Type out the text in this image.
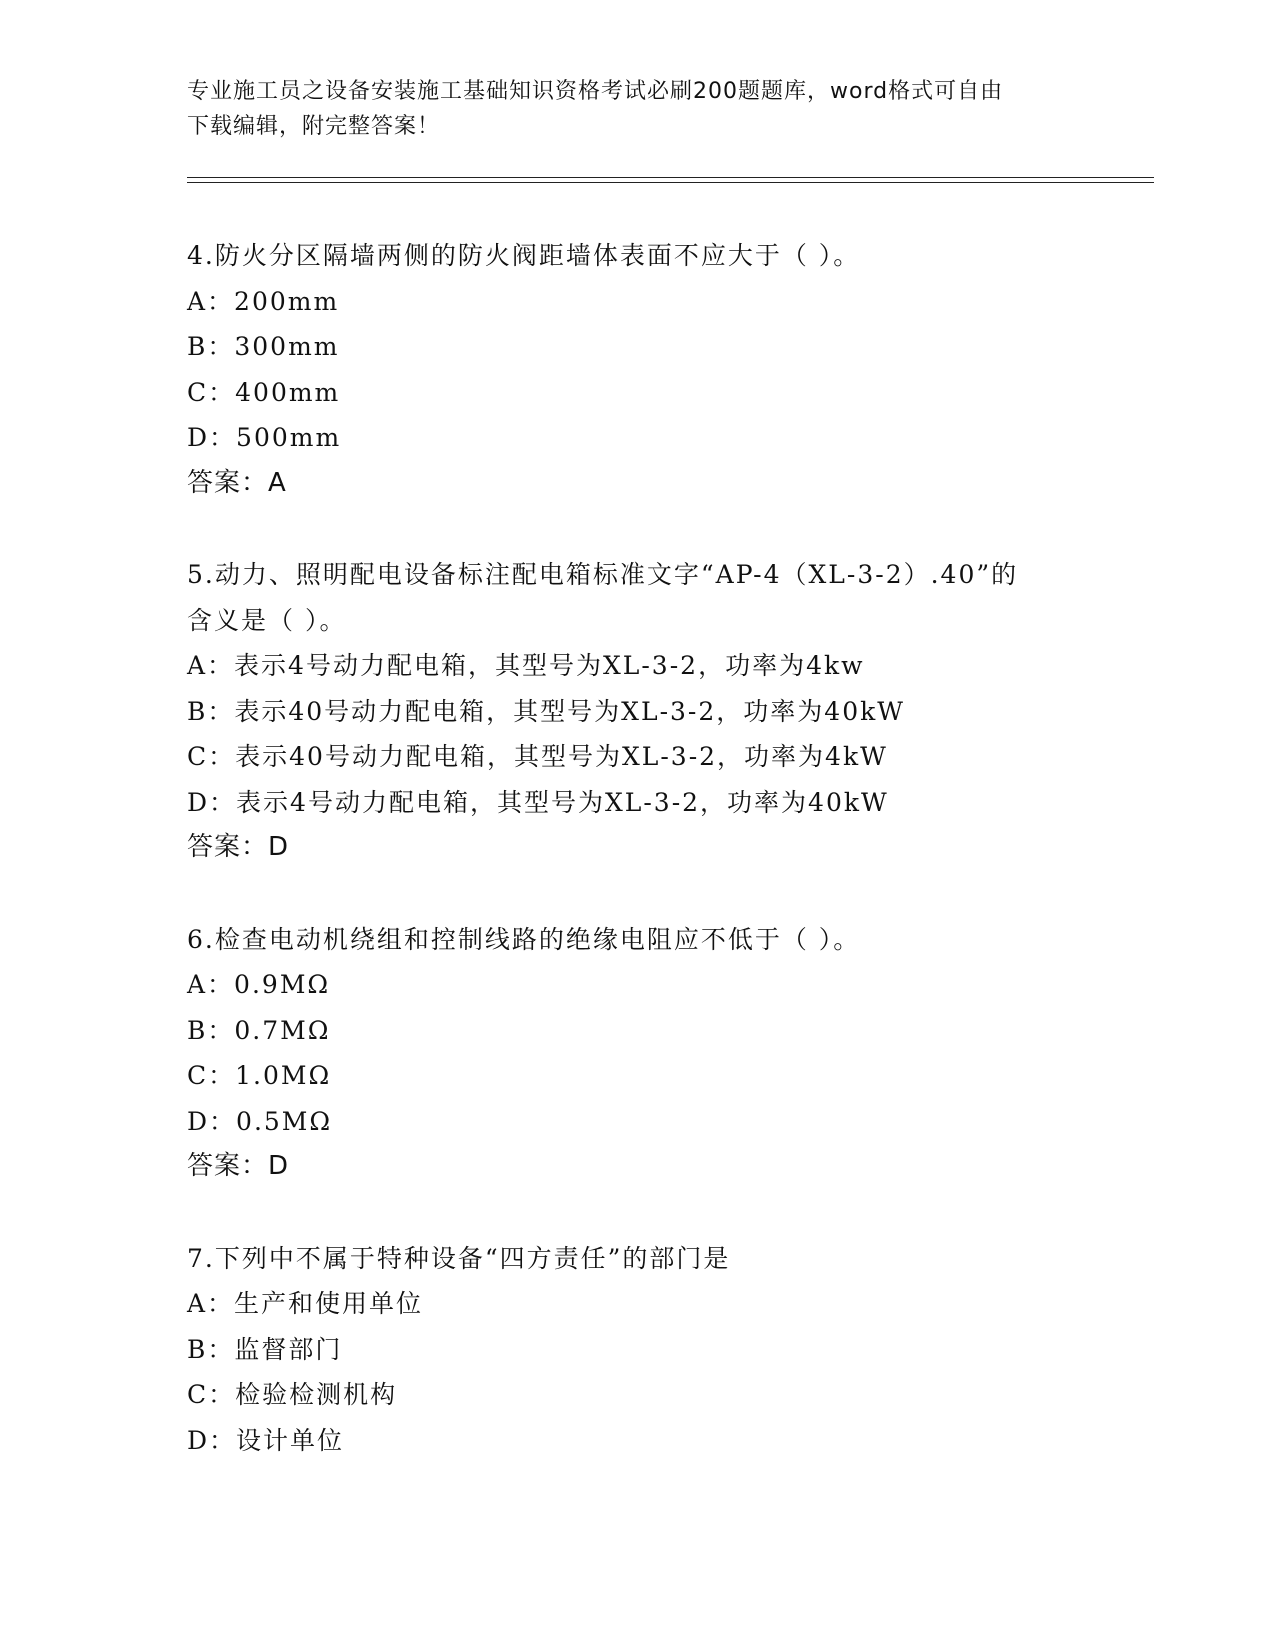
专业施工员之设备安装施工基础知识资格考试必刷200题题库，word格式可自由
下载编辑，附完整答案！
4.防火分区隔墙两侧的防火阀距墙体表面不应大于（ ）。
A：200mm
B：300mm
C：400mm
D：500mm
答案：A
5.动力、照明配电设备标注配电箱标准文字“AP-4（XL-3-2）.40”的
含义是（ ）。
A：表示4号动力配电箱，其型号为XL-3-2，功率为4kw
B：表示40号动力配电箱，其型号为XL-3-2，功率为40kW
C：表示40号动力配电箱，其型号为XL-3-2，功率为4kW
D：表示4号动力配电箱，其型号为XL-3-2，功率为40kW
答案：D
6.检查电动机绕组和控制线路的绝缘电阻应不低于（ ）。
A：0.9MΩ
B：0.7MΩ
C：1.0MΩ
D：0.5MΩ
答案：D
7.下列中不属于特种设备“四方责任”的部门是
A：生产和使用单位
B：监督部门
C：检验检测机构
D：设计单位
